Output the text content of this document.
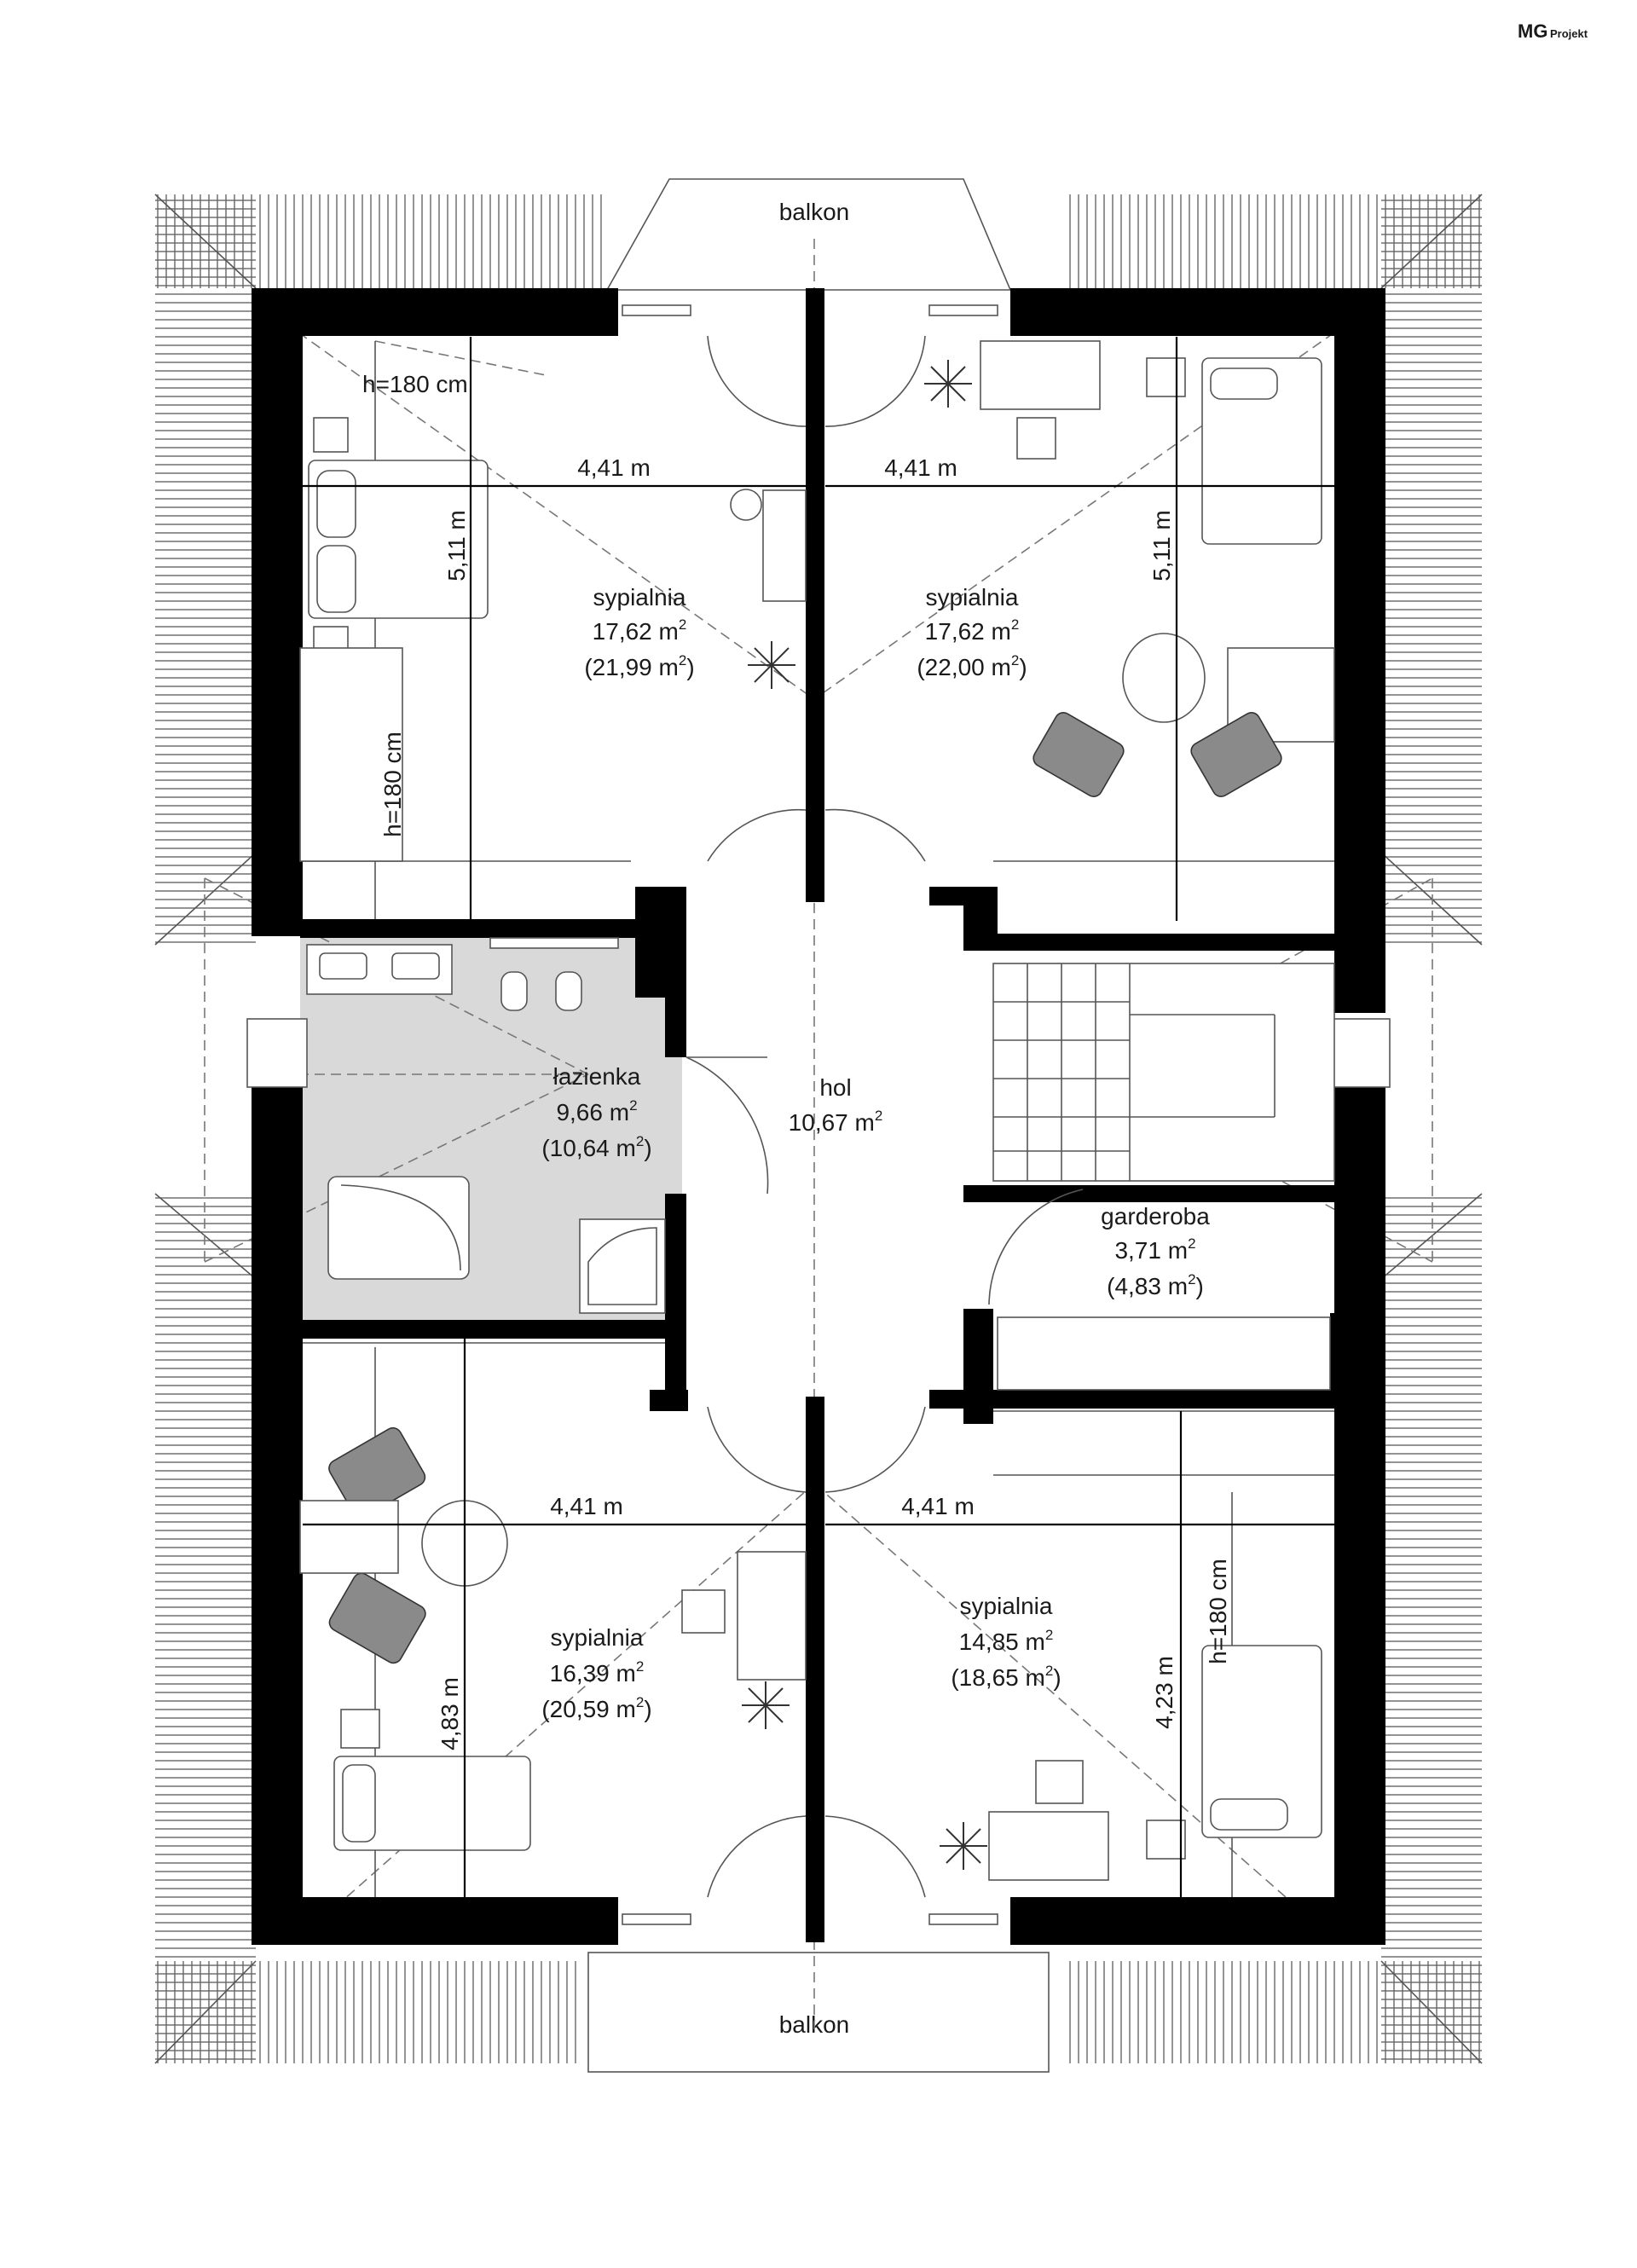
MG Projekt
balkon
balkon
4,41 m	4,41 m
5,11 m	5,11 m
4,41 m	4,41 m
4,83 m	4,23 m
h=180 cm
h=180 cm
h=180 cm
sypialnia
17,62 $m^2$
(21,99 $m^2$)
sypialnia
17,62 $m^2$
(22,00 $m^2$)
łazienka
9,66 $m^2$
(10,64 $m^2$)
hol
10,67 $m^2$
garderoba
3,71 $m^2$
(4,83 $m^2$)
sypialnia
16,39 $m^2$
(20,59 $m^2$)
sypialnia
14,85 $m^2$
(18,65 $m^2$)
